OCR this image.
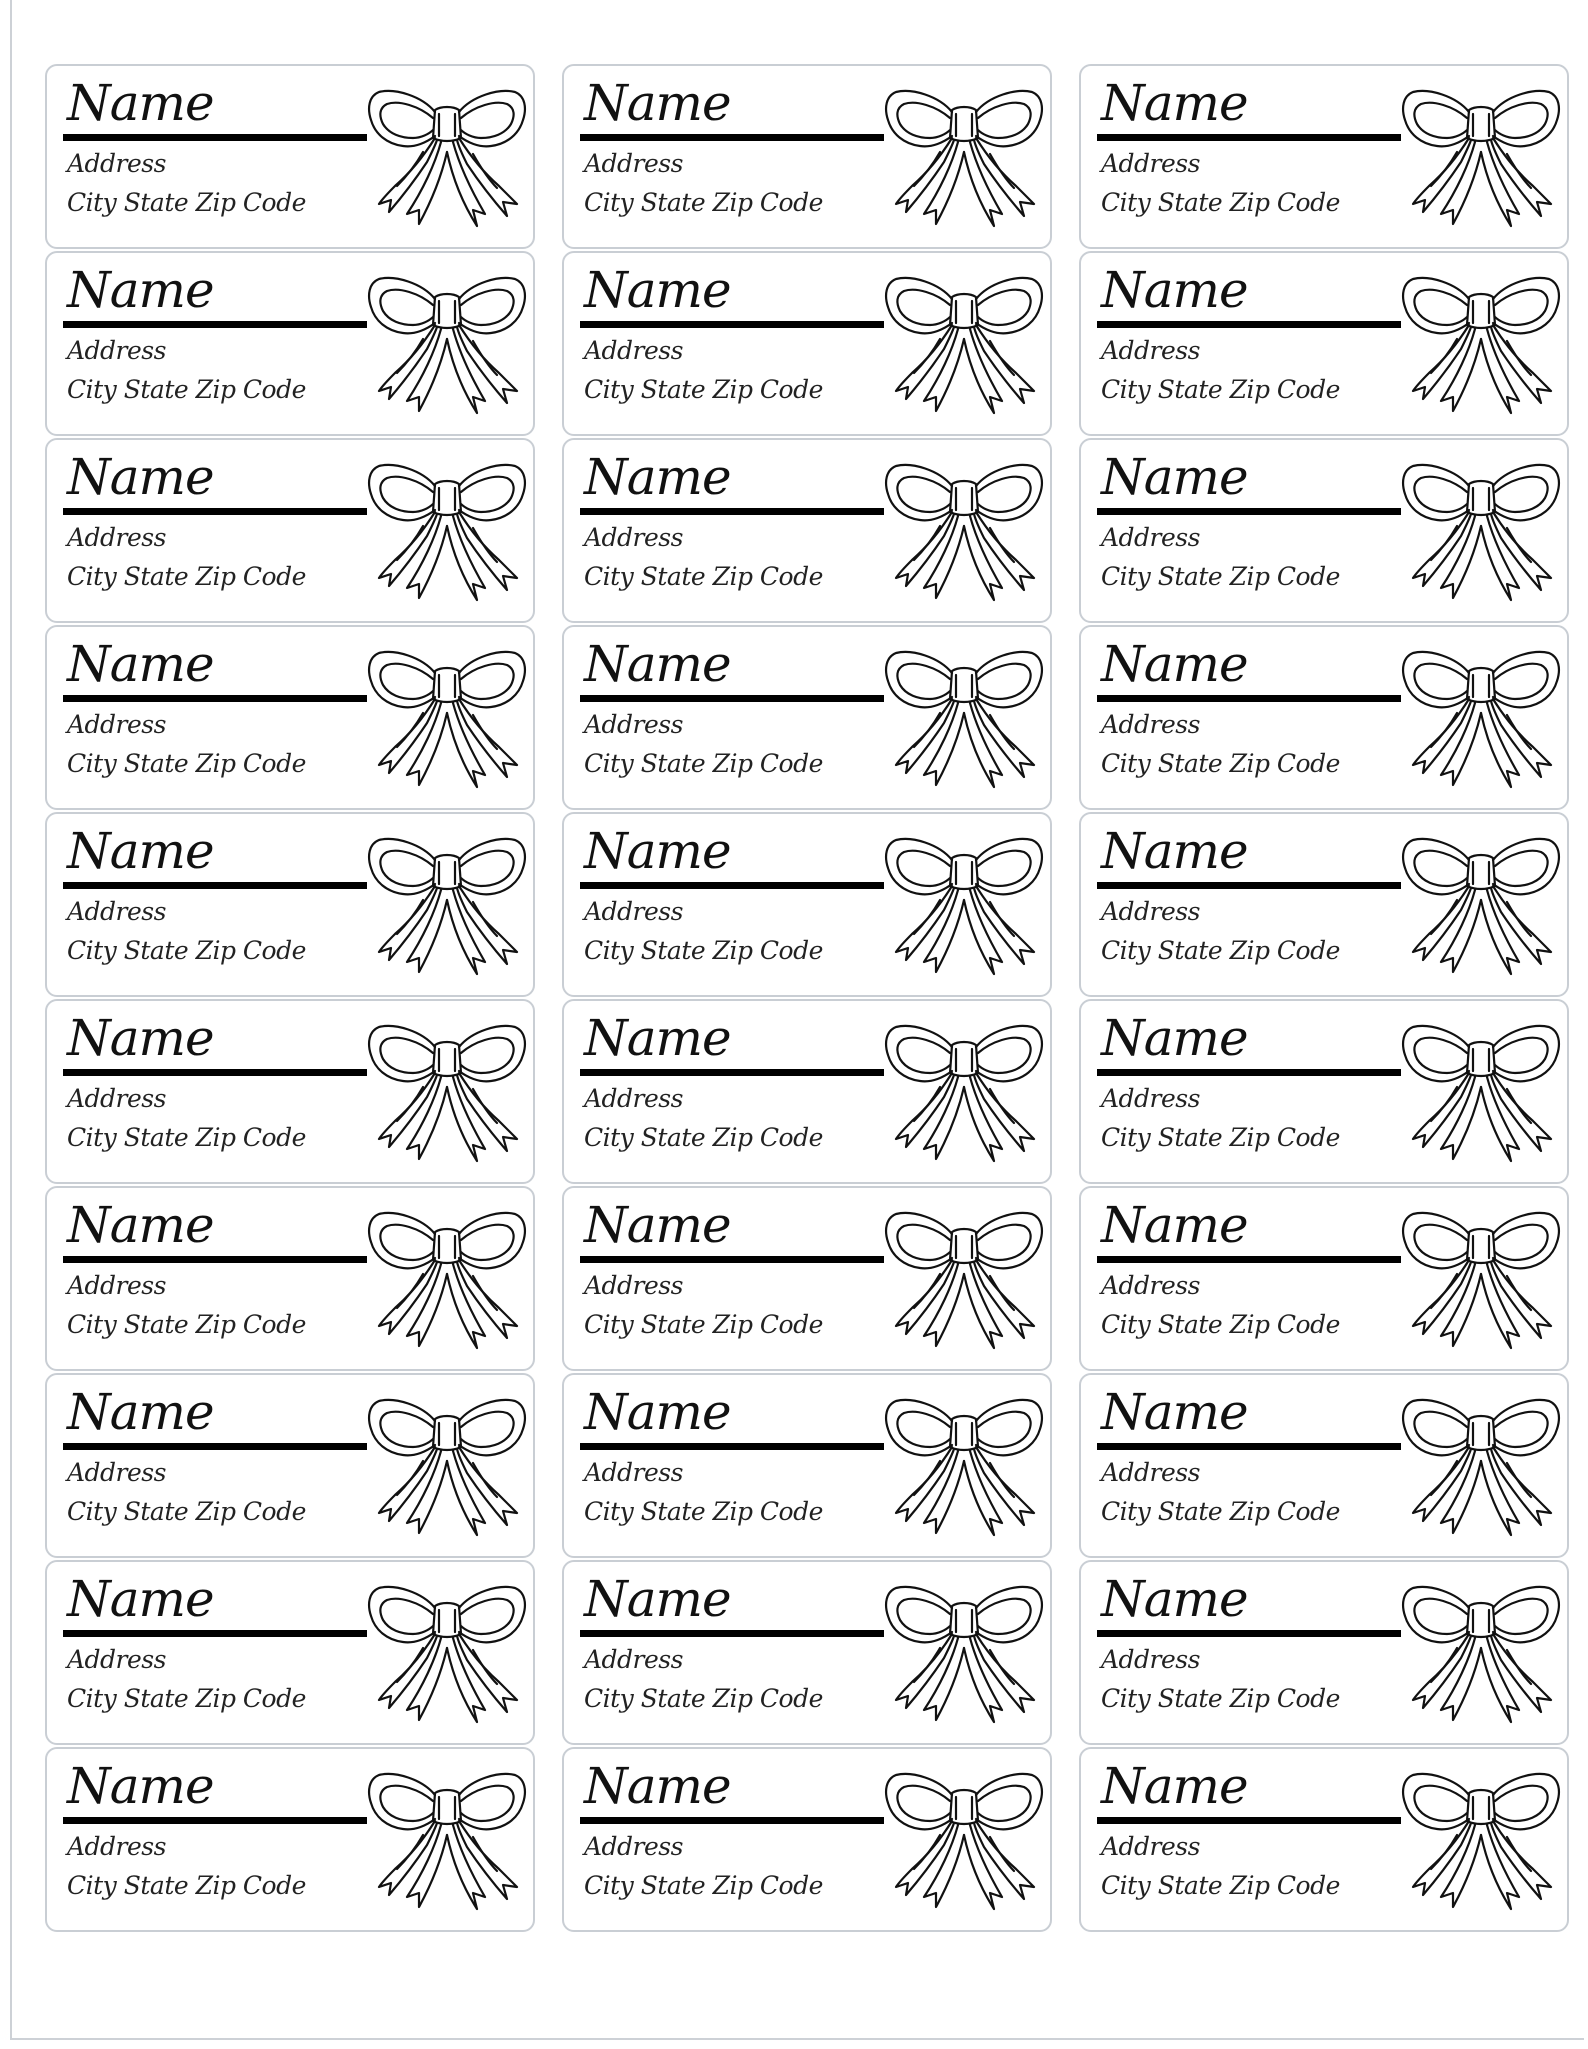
Name
Address
City State Zip Code
Name
Address
City State Zip Code
Name
Address
City State Zip Code
Name
Address
City State Zip Code
Name
Address
City State Zip Code
Name
Address
City State Zip Code
Name
Address
City State Zip Code
Name
Address
City State Zip Code
Name
Address
City State Zip Code
Name
Address
City State Zip Code
Name
Address
City State Zip Code
Name
Address
City State Zip Code
Name
Address
City State Zip Code
Name
Address
City State Zip Code
Name
Address
City State Zip Code
Name
Address
City State Zip Code
Name
Address
City State Zip Code
Name
Address
City State Zip Code
Name
Address
City State Zip Code
Name
Address
City State Zip Code
Name
Address
City State Zip Code
Name
Address
City State Zip Code
Name
Address
City State Zip Code
Name
Address
City State Zip Code
Name
Address
City State Zip Code
Name
Address
City State Zip Code
Name
Address
City State Zip Code
Name
Address
City State Zip Code
Name
Address
City State Zip Code
Name
Address
City State Zip Code
